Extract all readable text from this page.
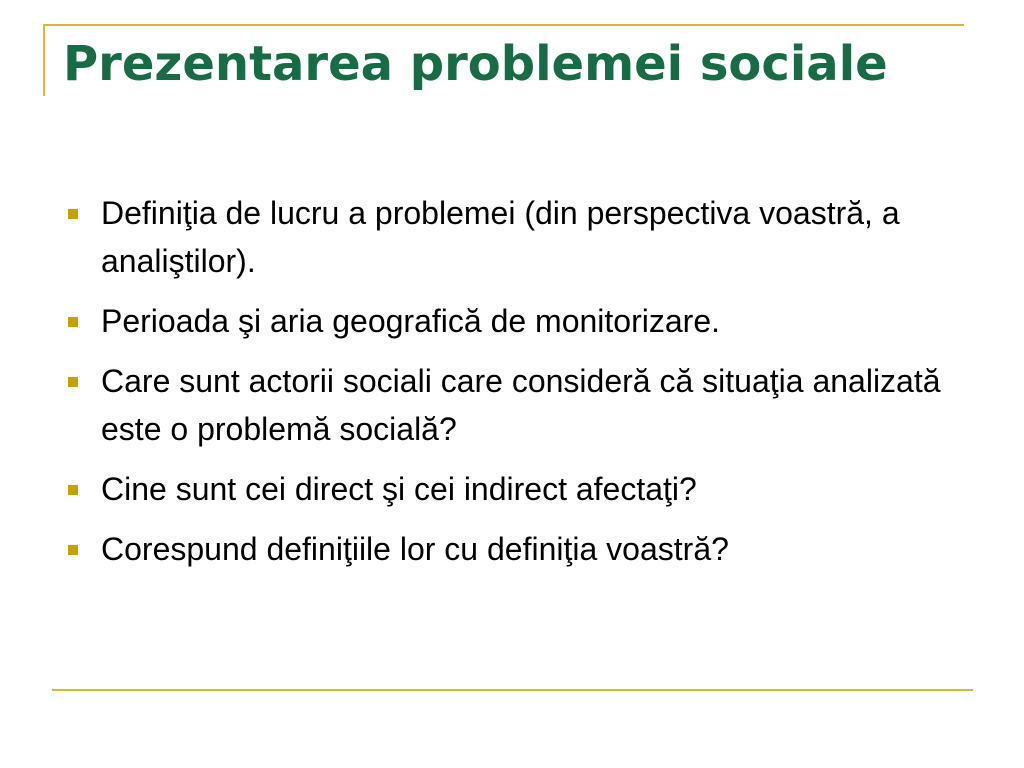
Prezentarea problemei sociale
Definiţia de lucru a problemei (din perspectiva voastră, a analiştilor).
Perioada şi aria geografică de monitorizare.
Care sunt actorii sociali care consideră că situaţia analizată este o problemă socială?
Cine sunt cei direct şi cei indirect afectaţi?
Corespund definiţiile lor cu definiţia voastră?
